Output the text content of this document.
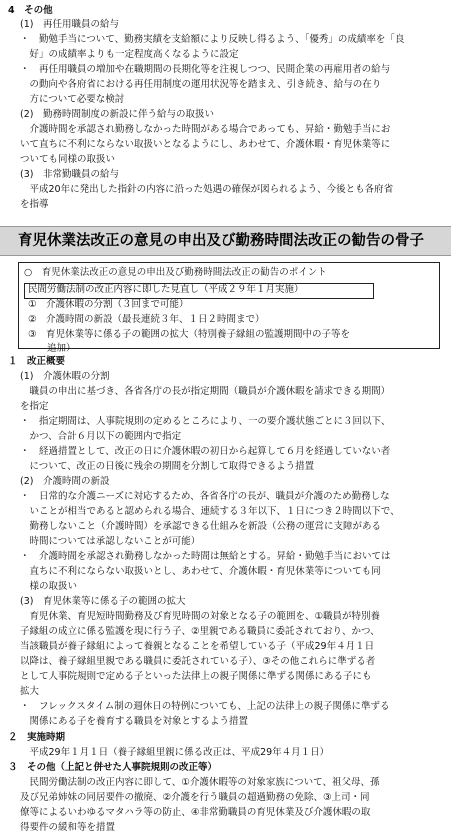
4　その他
(1)　再任用職員の給与
・　勤勉手当について、勤務実績を支給額により反映し得るよう、「優秀」の成績率を「良
　好」の成績率よりも一定程度高くなるように設定
・　再任用職員の増加や在職期間の長期化等を注視しつつ、民間企業の再雇用者の給与
　の動向や各府省における再任用制度の運用状況等を踏まえ、引き続き、給与の在り
　方について必要な検討
(2)　勤務時間制度の新設に伴う給与の取扱い
　介護時間を承認され勤務しなかった時間がある場合であっても、昇給・勤勉手当にお
いて直ちに不利にならない取扱いとなるようにし、あわせて、介護休暇・育児休業等に
ついても同様の取扱い
(3)　非常勤職員の給与
　平成20年に発出した指針の内容に沿った処遇の確保が図られるよう、今後とも各府省
を指導
育児休業法改正の意見の申出及び勤務時間法改正の勧告の骨子
○　育児休業法改正の意見の申出及び勤務時間法改正の勧告のポイント
民間労働法制の改正内容に即した見直し（平成２９年１月実施）
①　介護休暇の分割（３回まで可能）
②　介護時間の新設（最長連続３年、１日２時間まで）
③　育児休業等に係る子の範囲の拡大（特別養子縁組の監護期間中の子等を
　　追加）
１　改正概要
(1)　介護休暇の分割
　職員の申出に基づき、各省各庁の長が指定期間（職員が介護休暇を請求できる期間）
を指定
・　指定期間は、人事院規則の定めるところにより、一の要介護状態ごとに３回以下、
　かつ、合計６月以下の範囲内で指定
・　経過措置として、改正の日に介護休暇の初日から起算して６月を経過していない者
　について、改正の日後に残余の期間を分割して取得できるよう措置
(2)　介護時間の新設
・　日常的な介護ニーズに対応するため、各省各庁の長が、職員が介護のため勤務しな
　いことが相当であると認められる場合、連続する３年以下、１日につき２時間以下で、
　勤務しないこと（介護時間）を承認できる仕組みを新設（公務の運営に支障がある
　時間については承認しないことが可能）
・　介護時間を承認され勤務しなかった時間は無給とする。昇給・勤勉手当においては
　直ちに不利にならない取扱いとし、あわせて、介護休暇・育児休業等についても同
　様の取扱い
(3)　育児休業等に係る子の範囲の拡大
　育児休業、育児短時間勤務及び育児時間の対象となる子の範囲を、①職員が特別養
子縁組の成立に係る監護を現に行う子、②里親である職員に委託されており、かつ、
当該職員が養子縁組によって養親となることを希望している子（平成29年４月１日
以降は、養子縁組里親である職員に委託されている子）、③その他これらに準ずる者
として人事院規則で定める子といった法律上の親子関係に準ずる関係にある子にも
拡大
・　フレックスタイム制の週休日の特例についても、上記の法律上の親子関係に準ずる
　関係にある子を養育する職員を対象とするよう措置
２　実施時期
　平成29年１月１日（養子縁組里親に係る改正は、平成29年４月１日）
３　その他（上記と併せた人事院規則の改正等）
　民間労働法制の改正内容に即して、①介護休暇等の対象家族について、祖父母、孫
及び兄弟姉妹の同居要件の撤廃、②介護を行う職員の超過勤務の免除、③上司・同
僚等によるいわゆるマタハラ等の防止、④非常勤職員の育児休業及び介護休暇の取
得要件の緩和等を措置
